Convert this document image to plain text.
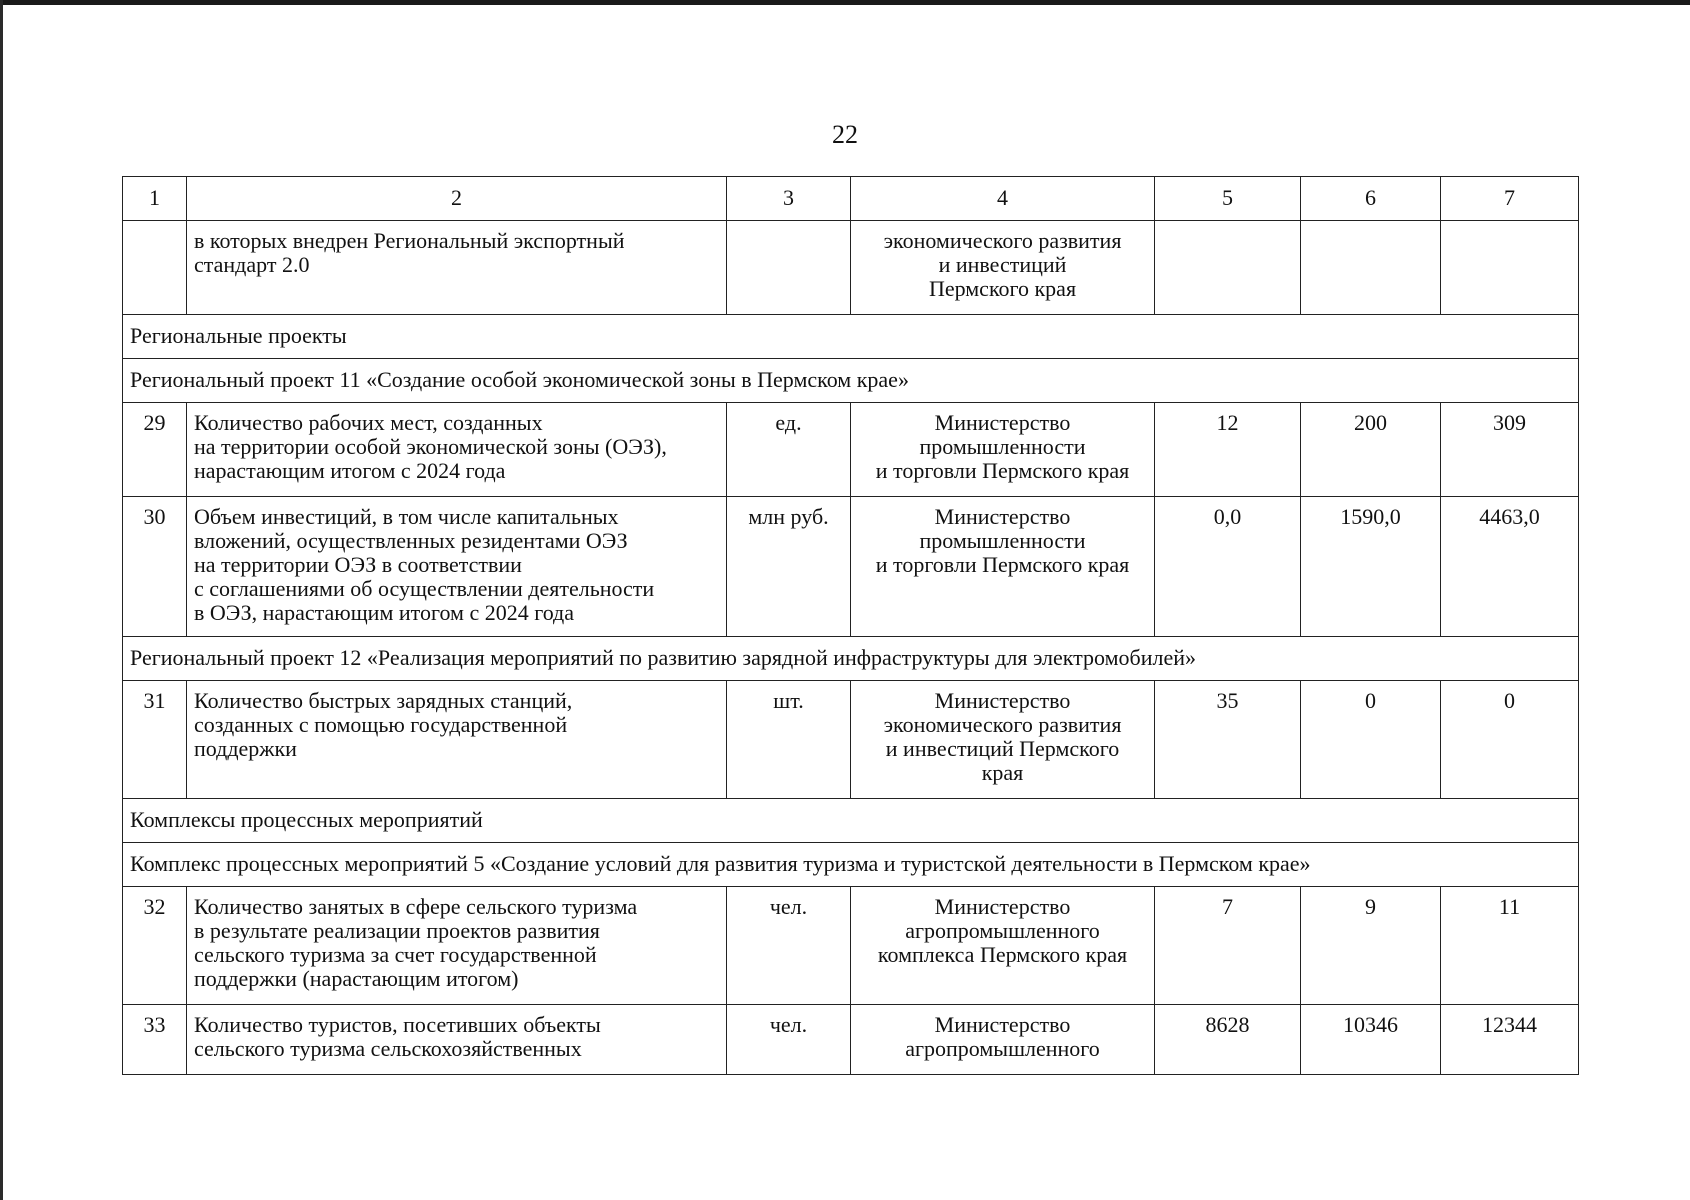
22
1	2	3	4	5	6	7
	в которых внедрен Региональный экспортный
стандарт 2.0		экономического развития
и инвестиций
Пермского края			
Региональные проекты						
Региональный проект 11 «Создание особой экономической зоны в Пермском крае»						
29	Количество рабочих мест, созданных
на территории особой экономической зоны (ОЭЗ),
нарастающим итогом с 2024 года	ед.	Министерство
промышленности
и торговли Пермского края	12	200	309
30	Объем инвестиций, в том числе капитальных
вложений, осуществленных резидентами ОЭЗ
на территории ОЭЗ в соответствии
с соглашениями об осуществлении деятельности
в ОЭЗ, нарастающим итогом с 2024 года	млн руб.	Министерство
промышленности
и торговли Пермского края	0,0	1590,0	4463,0
Региональный проект 12 «Реализация мероприятий по развитию зарядной инфраструктуры для электромобилей»						
31	Количество быстрых зарядных станций,
созданных с помощью государственной
поддержки	шт.	Министерство
экономического развития
и инвестиций Пермского
края	35	0	0
Комплексы процессных мероприятий						
Комплекс процессных мероприятий 5 «Создание условий для развития туризма и туристской деятельности в Пермском крае»						
32	Количество занятых в сфере сельского туризма
в результате реализации проектов развития
сельского туризма за счет государственной
поддержки (нарастающим итогом)	чел.	Министерство
агропромышленного
комплекса Пермского края	7	9	11
33	Количество туристов, посетивших объекты
сельского туризма сельскохозяйственных	чел.	Министерство
агропромышленного	8628	10346	12344
